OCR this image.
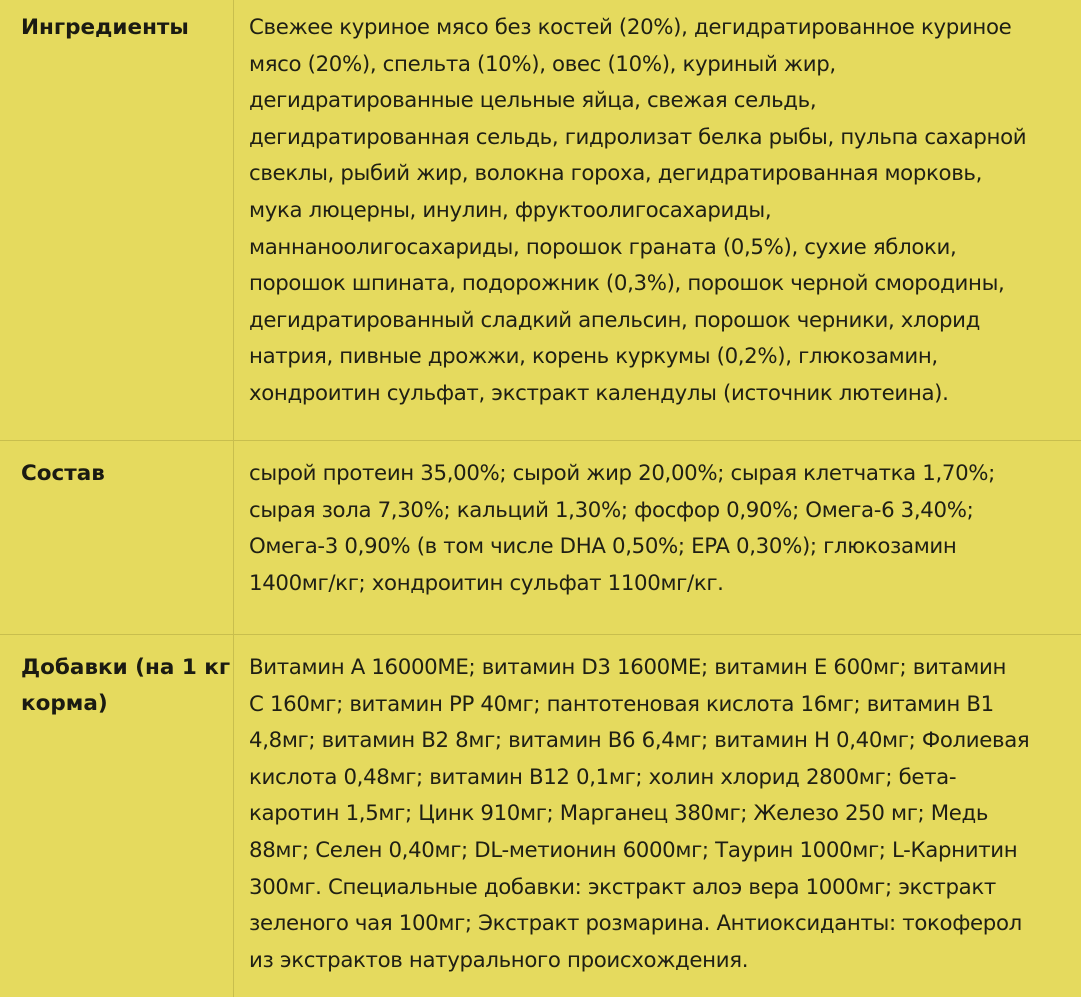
Ингредиенты	Свежее куриное мясо без костей (20%), дегидратированное куриное
мясо (20%), спельта (10%), овес (10%), куриный жир,
дегидратированные цельные яйца, свежая сельдь,
дегидратированная сельдь, гидролизат белка рыбы, пульпа сахарной
свеклы, рыбий жир, волокна гороха, дегидратированная морковь,
мука люцерны, инулин, фруктоолигосахариды,
маннаноолигосахариды, порошок граната (0,5%), сухие яблоки,
порошок шпината, подорожник (0,3%), порошок черной смородины,
дегидратированный сладкий апельсин, порошок черники, хлорид
натрия, пивные дрожжи, корень куркумы (0,2%), глюкозамин,
хондроитин сульфат, экстракт календулы (источник лютеина).
Состав	сырой протеин 35,00%; сырой жир 20,00%; сырая клетчатка 1,70%;
сырая зола 7,30%; кальций 1,30%; фосфор 0,90%; Омега-6 3,40%;
Омега-3 0,90% (в том числе DHA 0,50%; EPA 0,30%); глюкозамин
1400мг/кг; хондроитин сульфат 1100мг/кг.
Добавки (на 1 кг
корма)
Витамин А 16000МЕ; витамин D3 1600МЕ; витамин Е 600мг; витамин
С 160мг; витамин РР 40мг; пантотеновая кислота 16мг; витамин В1
4,8мг; витамин В2 8мг; витамин В6 6,4мг; витамин Н 0,40мг; Фолиевая
кислота 0,48мг; витамин В12 0,1мг; холин хлорид 2800мг; бета-
каротин 1,5мг; Цинк 910мг; Марганец 380мг; Железо 250 мг; Медь
88мг; Селен 0,40мг; DL-метионин 6000мг; Таурин 1000мг; L-Карнитин
300мг. Специальные добавки: экстракт алоэ вера 1000мг; экстракт
зеленого чая 100мг; Экстракт розмарина. Антиоксиданты: токоферол
из экстрактов натурального происхождения.
